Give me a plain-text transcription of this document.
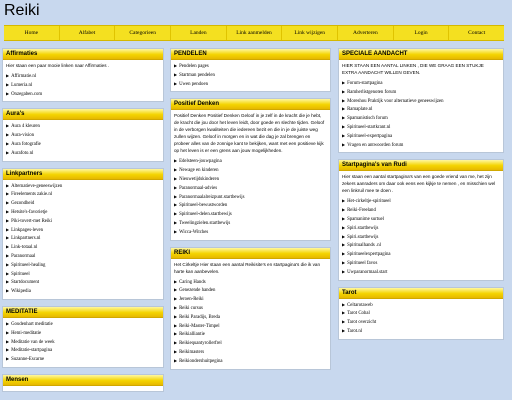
Reiki
Home	Alfabet	Categorieen	Landen	Link aanmelden	Link wijzigen	Adverteren	Login	Contact
Affirmaties
Hier staan een paar mooie linken naar Affirmaties .
▶ Affirmatie.nl
▶ Lumeria.nl
▶ Onzegaben.com
Aura's
▶ Aura 4 kleuren
▶ Aura-vision
▶ Aura fotografie
▶ Aurafoto.nl
Linkpartners
▶ Alternatieve-geneeswijzen
▶ Fireelements zakie.nl
▶ Gezondheid
▶ Hetsite's-favorietje
▶ Piki-tovert-met Reiki
▶ Linkpages-leven
▶ Linkpartners.nl
▶ Link-totaal.nl
▶ Paranormaal
▶ Spiritueel-healing
▶ Spiritueel
▶ Startdocument
▶ Wikipedia
MEDITATIE
▶ Goudenhart meditatie
▶ Hemi-meditatie
▶ Meditatie van de week
▶ Meditatie-startpagina
▶ Suzanne-Escarne
Mensen
PENDELEN
▶ Pendelen pages
▶ Startman pendelen
▶ Uwen pendoen
Positief Denken
Positief Denken Positief Denken Geloof in je zelf in de kracht die je hebt, de kracht die jou door het leven leidt, door goede en slechte tijden. Geloof in de verborgen kwaliteiten die iedereen bezit en die in je de juiste weg zullen wijzen. Geloof in morgen en in wat die dag je zal brengen en probeer alles van de zonnige kant te bekijken, want met een positieve kijk op het leven is er een grens aan jouw mogelijkheden.
▶ Edelsteen-jouwpagina
▶ Newage en kinderen
▶ Nieuwetijdskinderen
▶ Paranormaal-advies
▶ Paranormaalalreizpunt.startbewijs
▶ Spiritueel-bewustworden
▶ Spiritueel-delen.startbewijs
▶ Tweelingzielen.startbewijs
▶ Wicca-Witches
REIKI
Het Cirkeltje Hier staan een aantal Reikisite's en startpagina's die ik van harte kan aanbevelen.
▶ Caring Hands
▶ Genezende handen
▶ Jeroen-Reiki
▶ Reiki cursus
▶ Reiki Paradijs, Breda
▶ Reiki-Master-Timpel
▶ Reikialliantie
▶ Reikiequantyrollerfrel
▶ Reikimasters
▶ Reikiondershuitpegina
SPECIALE AANDACHT
HIER STAAN EEN AANTAL LINKEN , DIE WE GRAAG EEN STUKJE EXTRA AANDACHT WILLEN GEVEN.
▶ Forum-startpagina
▶ Ramherlistgenoten forum
▶ Moreshou Praktijk voor alternatieve geneeswijzen
▶ Ramaplate.nl
▶ Spamanistisch forum
▶ Spiritueel-startkrant.nl
▶ Spiritueel-expertpagina
▶ Vragen en antwoorden forum
Startpagina's van Rudi
Hier staan een aantal startpagina's van een goede vriend van me, het zijn zekers aanraders om daar ook eens een kijkje te nemen , en misschien wel een linkruil mee te doen .
▶ Het-cirkeltje-spiritueel
▶ Reiki-Freeland
▶ Spamanime surtuel
▶ Spiri.startbewijs
▶ Spiri.startbewijs
▶ Spiritualhands .nl
▶ Spiritueelexpertpagina
▶ Spiritueel favos
▶ Uwparanormaal.start
Tarot
▶ Celtarotaweb
▶ Tarot Cobal
▶ Tarot overzicht
▶ Tarot.nl
